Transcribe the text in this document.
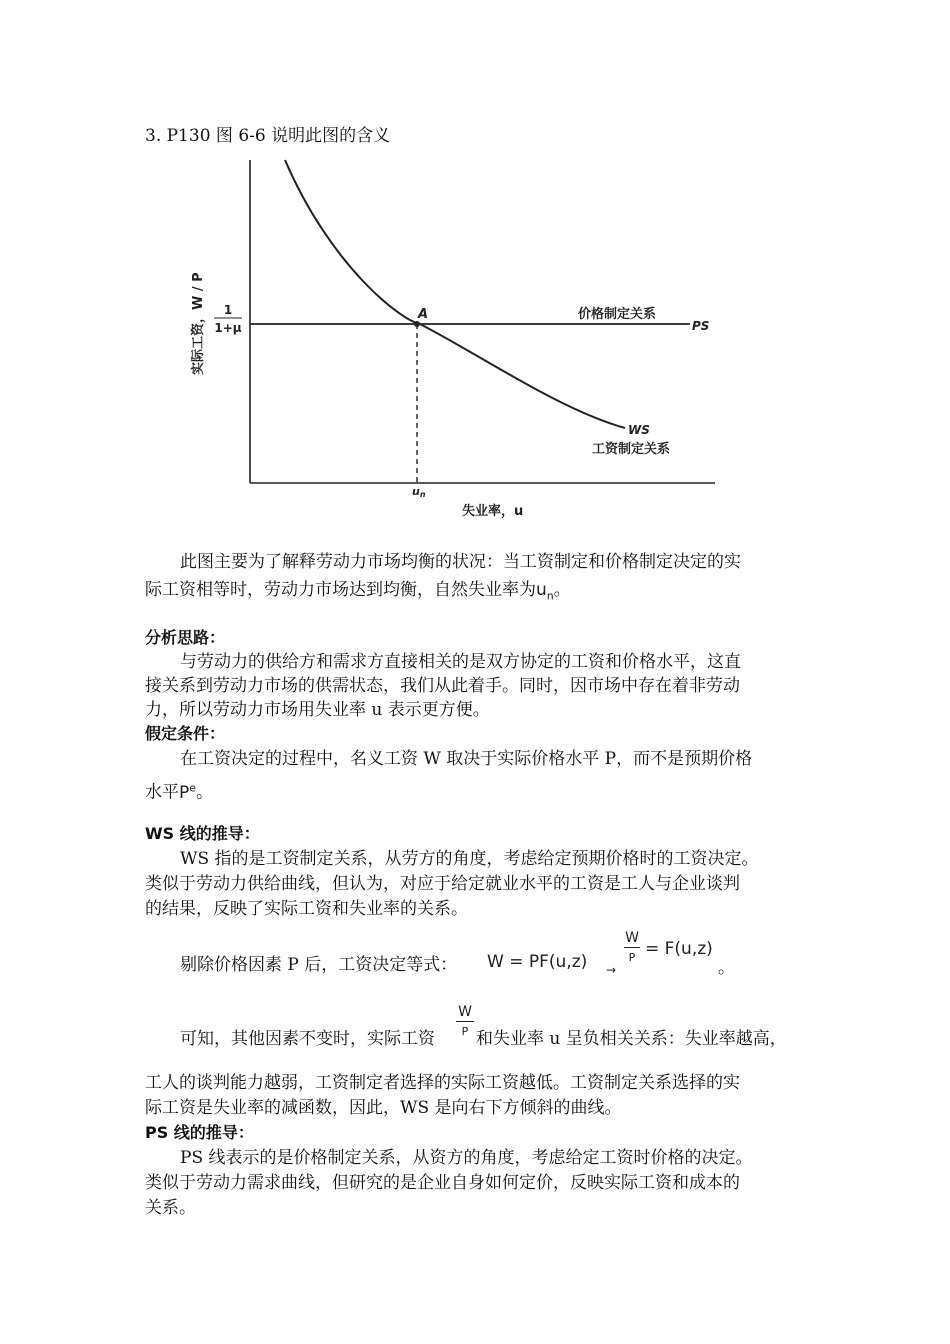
3. P130 图 6-6 说明此图的含义
1
1+μ
实际工资，W / P	A	价格制定关系
PS
WS
工资制定关系
un
失业率，u
此图主要为了解释劳动力市场均衡的状况：当工资制定和价格制定决定的实
际工资相等时，劳动力市场达到均衡，自然失业率为$u_n$。
分析思路：
与劳动力的供给方和需求方直接相关的是双方协定的工资和价格水平，这直
接关系到劳动力市场的供需状态，我们从此着手。同时，因市场中存在着非劳动
力，所以劳动力市场用失业率 u 表示更方便。
假定条件：
在工资决定的过程中，名义工资 W 取决于实际价格水平 P，而不是预期价格
水平$P^e$。
WS 线的推导：
WS 指的是工资制定关系，从劳方的角度，考虑给定预期价格时的工资决定。
类似于劳动力供给曲线，但认为，对应于给定就业水平的工资是工人与企业谈判
的结果，反映了实际工资和失业率的关系。
剔除价格因素 P 后，工资决定等式： W = PF(u,z) →
W
P = F(u,z)
。
W
P
可知，其他因素不变时，实际工资 和失业率 u 呈负相关关系：失业率越高，
工人的谈判能力越弱，工资制定者选择的实际工资越低。工资制定关系选择的实
际工资是失业率的减函数，因此，WS 是向右下方倾斜的曲线。
PS 线的推导：
PS 线表示的是价格制定关系，从资方的角度，考虑给定工资时价格的决定。
类似于劳动力需求曲线，但研究的是企业自身如何定价，反映实际工资和成本的
关系。
